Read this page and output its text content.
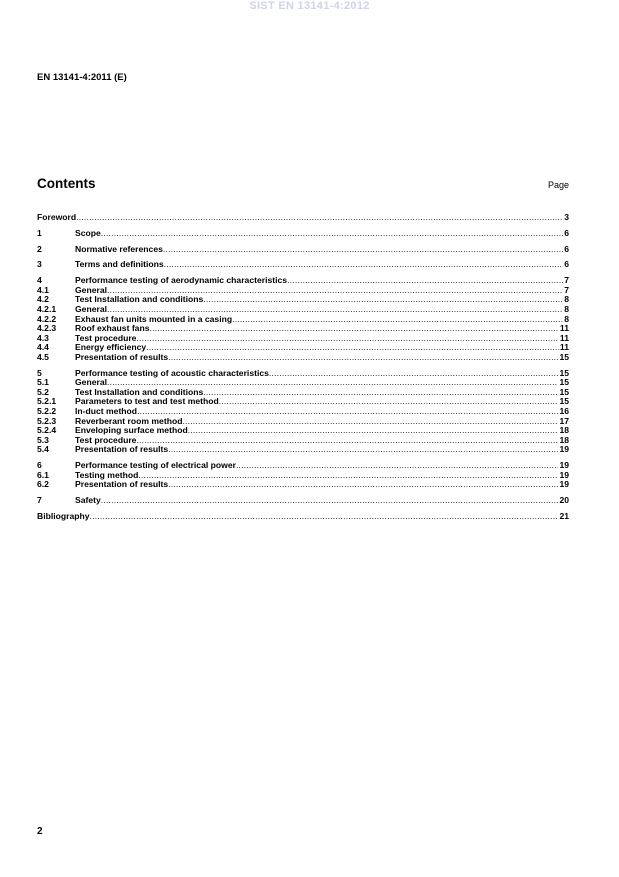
SIST EN 13141-4:2012
EN 13141-4:2011 (E)
Contents	Page
Foreword .....	3
1	Scope .....	6
2	Normative references .....	6
3	Terms and definitions .....	6
4	Performance testing of aerodynamic characteristics .....	7
4.1	General .....	7
4.2	Test Installation and conditions .....	8
4.2.1	General .....	8
4.2.2	Exhaust fan units mounted in a casing .....	8
4.2.3	Roof exhaust fans .....	11
4.3	Test procedure .....	11
4.4	Energy efficiency .....	11
4.5	Presentation of results .....	15
5	Performance testing of acoustic characteristics .....	15
5.1	General .....	15
5.2	Test Installation and conditions .....	15
5.2.1	Parameters to test and test method .....	15
5.2.2	In-duct method .....	16
5.2.3	Reverberant room method .....	17
5.2.4	Enveloping surface method .....	18
5.3	Test procedure .....	18
5.4	Presentation of results .....	19
6	Performance testing of electrical power .....	19
6.1	Testing method .....	19
6.2	Presentation of results .....	19
7	Safety .....	20
Bibliography .....	21
2
